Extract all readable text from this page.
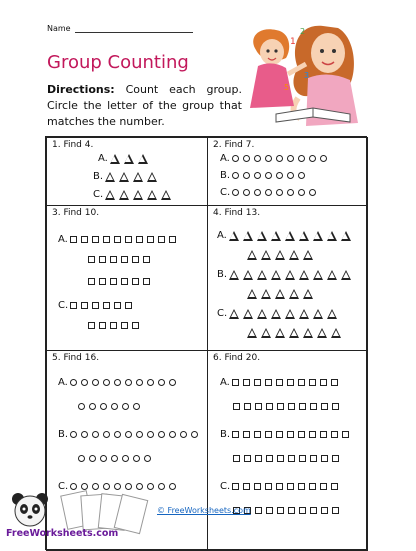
Name
Group Counting
Directions: Count each group. Circle the letter of the group that matches the number.
1
2
3
5
1. Find 4.
A.
B.
C.
2. Find 7.
A.
B.
C.
3. Find 10.
A.
C.
4. Find 13.
A.
B.
C.
5. Find 16.
A.
B.
C.
6. Find 20.
A.
B.
C.
© FreeWorksheets.com
FreeWorksheets.com
